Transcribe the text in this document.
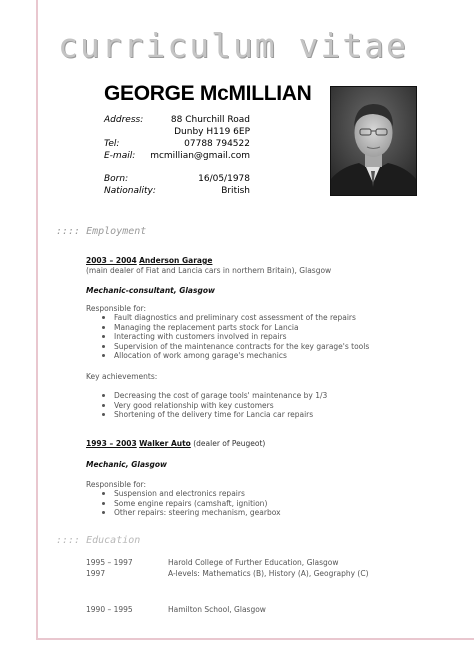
curriculum vitae
GEORGE McMILLIAN
Address:	88 Churchill Road
Dunby H119 6EP
Tel:	07788 794522
E-mail: mcmillian@gmail.com
Born:	16/05/1978
Nationality:	British
:::: Employment
2003 – 2004 Anderson Garage
(main dealer of Fiat and Lancia cars in northern Britain), Glasgow
Mechanic-consultant, Glasgow
Responsible for:
Fault diagnostics and preliminary cost assessment of the repairs
Managing the replacement parts stock for Lancia
Interacting with customers involved in repairs
Supervision of the maintenance contracts for the key garage's tools
Allocation of work among garage's mechanics
Key achievements:
Decreasing the cost of garage tools' maintenance by 1/3
Very good relationship with key customers
Shortening of the delivery time for Lancia car repairs
1993 – 2003 Walker Auto (dealer of Peugeot)
Mechanic, Glasgow
Responsible for:
Suspension and electronics repairs
Some engine repairs (camshaft, ignition)
Other repairs: steering mechanism, gearbox
:::: Education
1995 – 1997	Harold College of Further Education, Glasgow
1997	A-levels: Mathematics (B), History (A), Geography (C)
1990 – 1995	Hamilton School, Glasgow
